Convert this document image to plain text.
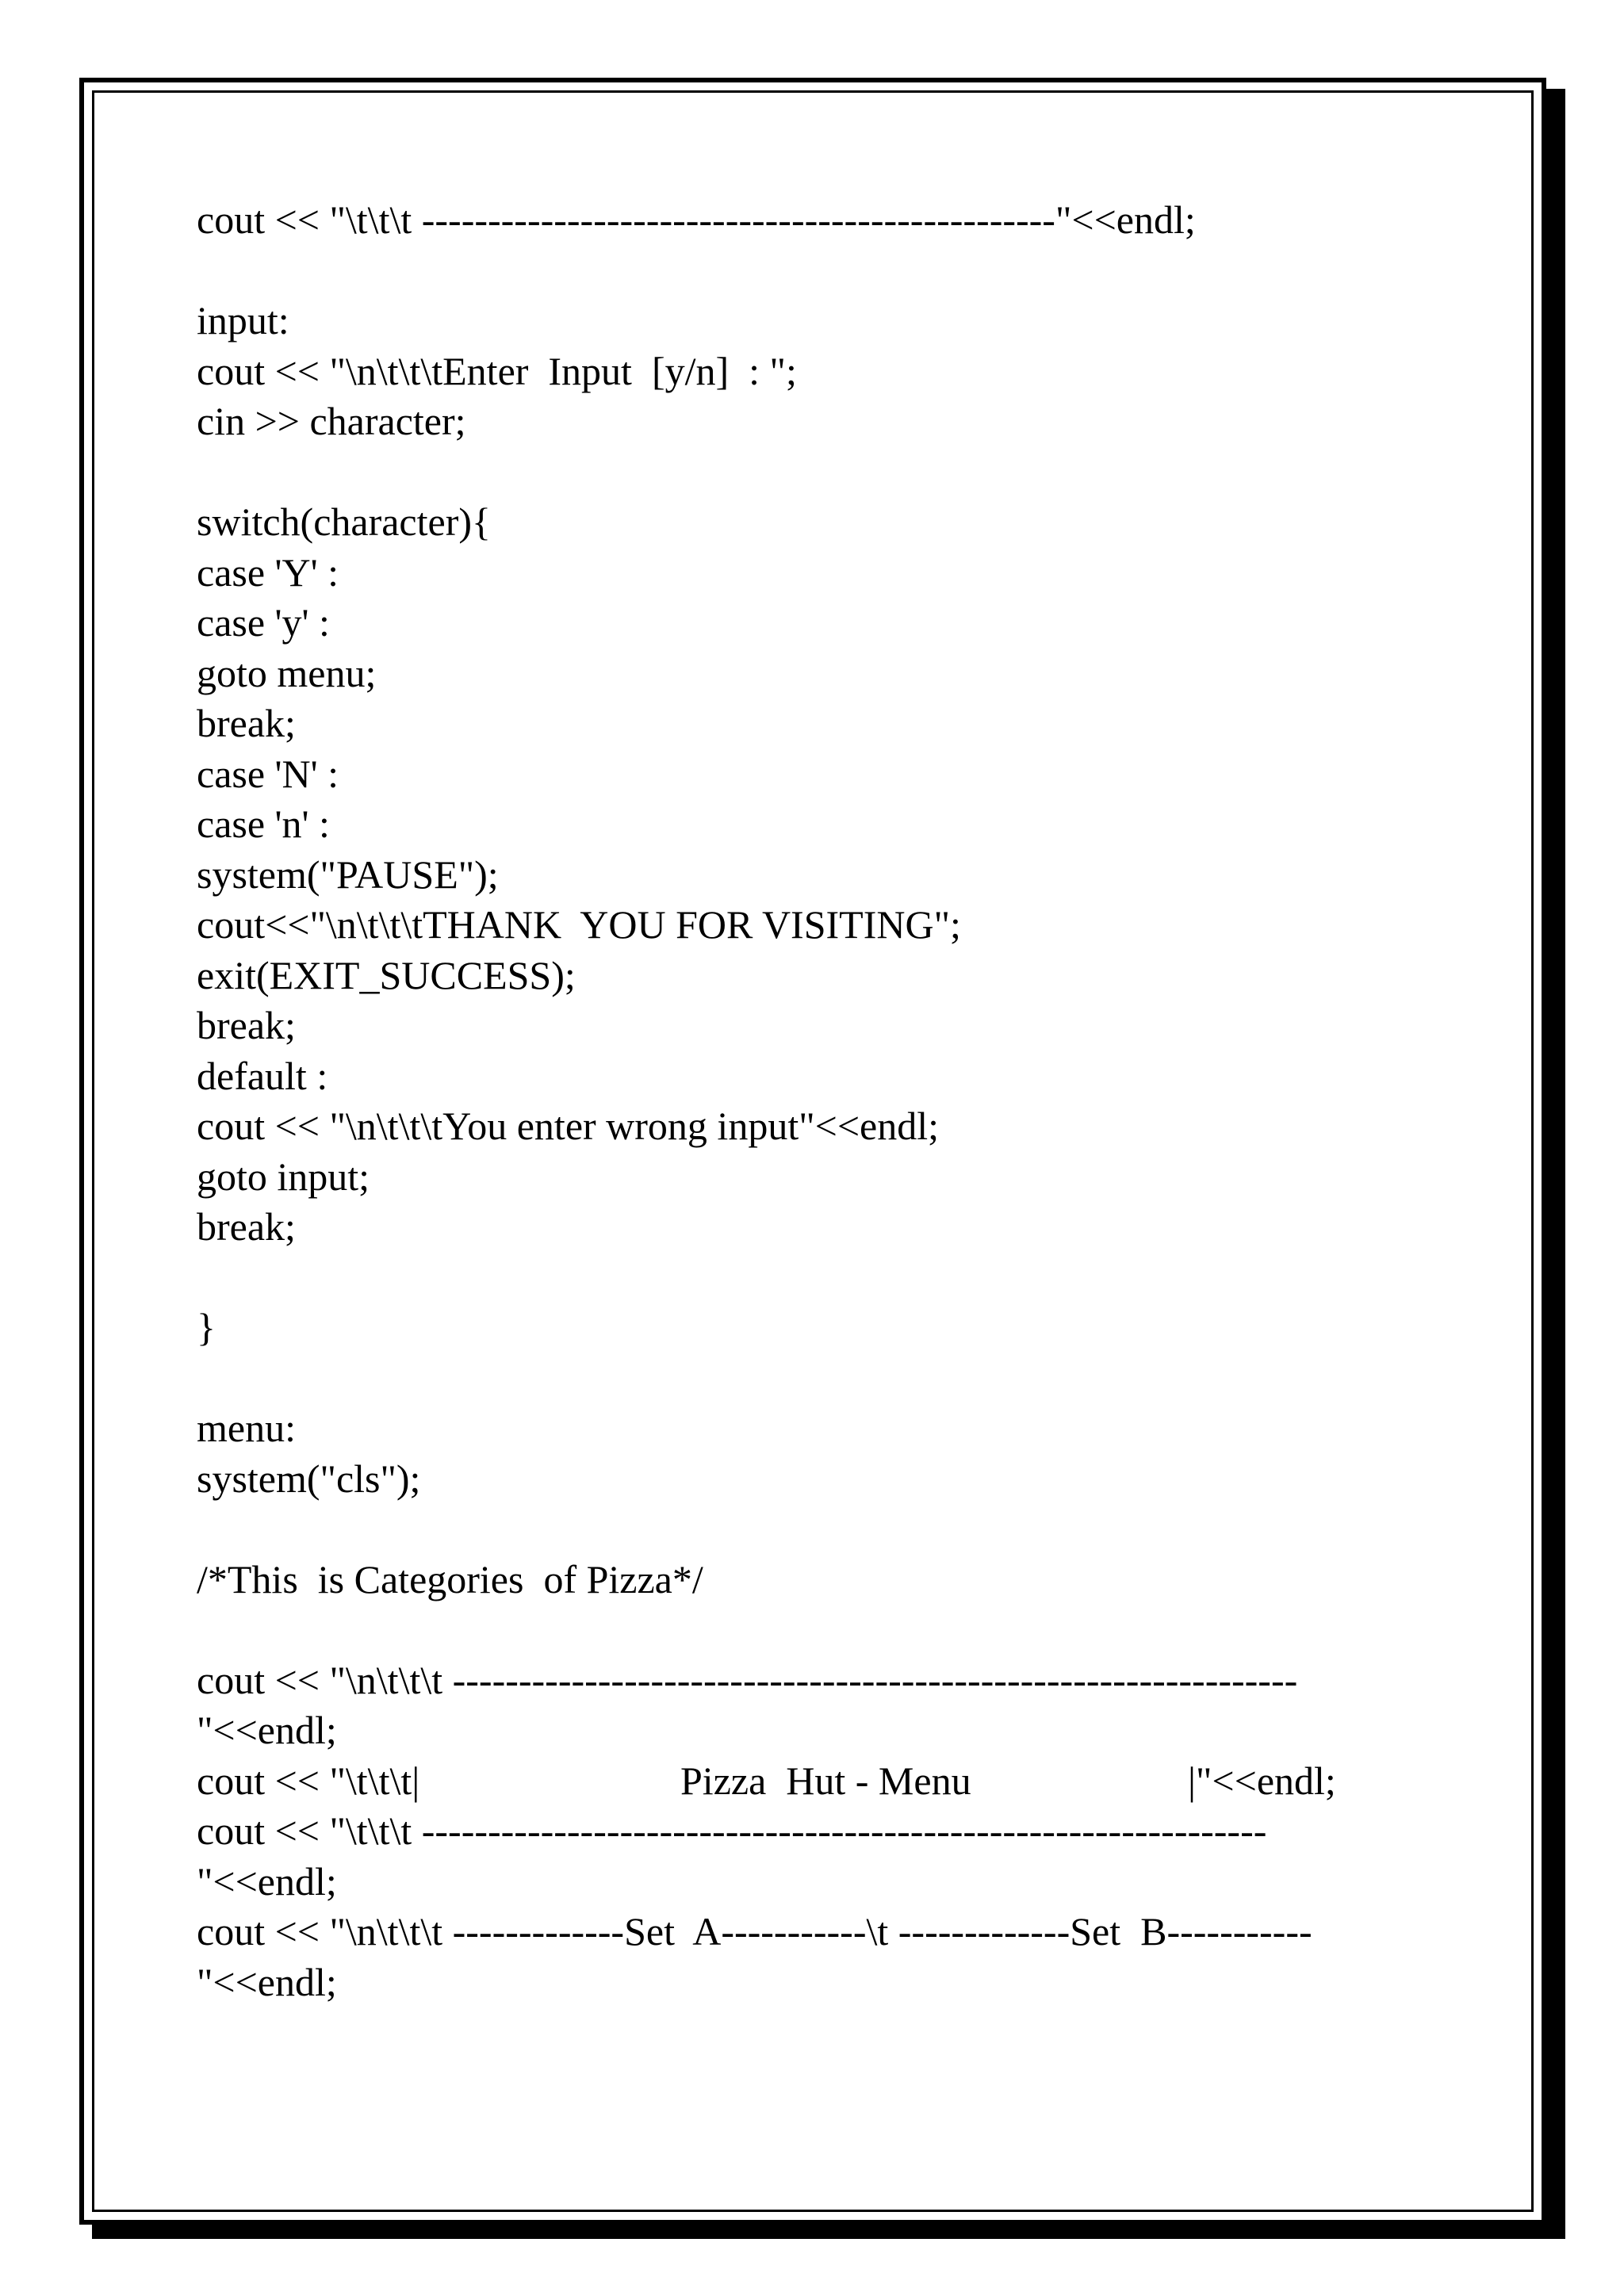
cout << "\t\t\t ------------------------------------------------"<<endl;
input:
cout << "\n\t\t\tEnter  Input  [y/n]  : ";
cin >> character;
switch(character){
case 'Y' :
case 'y' :
goto menu;
break;
case 'N' :
case 'n' :
system("PAUSE");
cout<<"\n\t\t\tTHANK  YOU FOR VISITING";
exit(EXIT_SUCCESS);
break;
default :
cout << "\n\t\t\tYou enter wrong input"<<endl;
goto input;
break;
}
menu:
system("cls");
/*This  is Categories  of Pizza*/
cout << "\n\t\t\t ----------------------------------------------------------------
"<<endl;

cout << "\t\t\t|

	Pizza  Hut - Menu

	|"<<endl;

cout << "\t\t\t ----------------------------------------------------------------
"<<endl;
cout << "\n\t\t\t -------------Set  A-----------\t -------------Set  B-----------
"<<endl;
